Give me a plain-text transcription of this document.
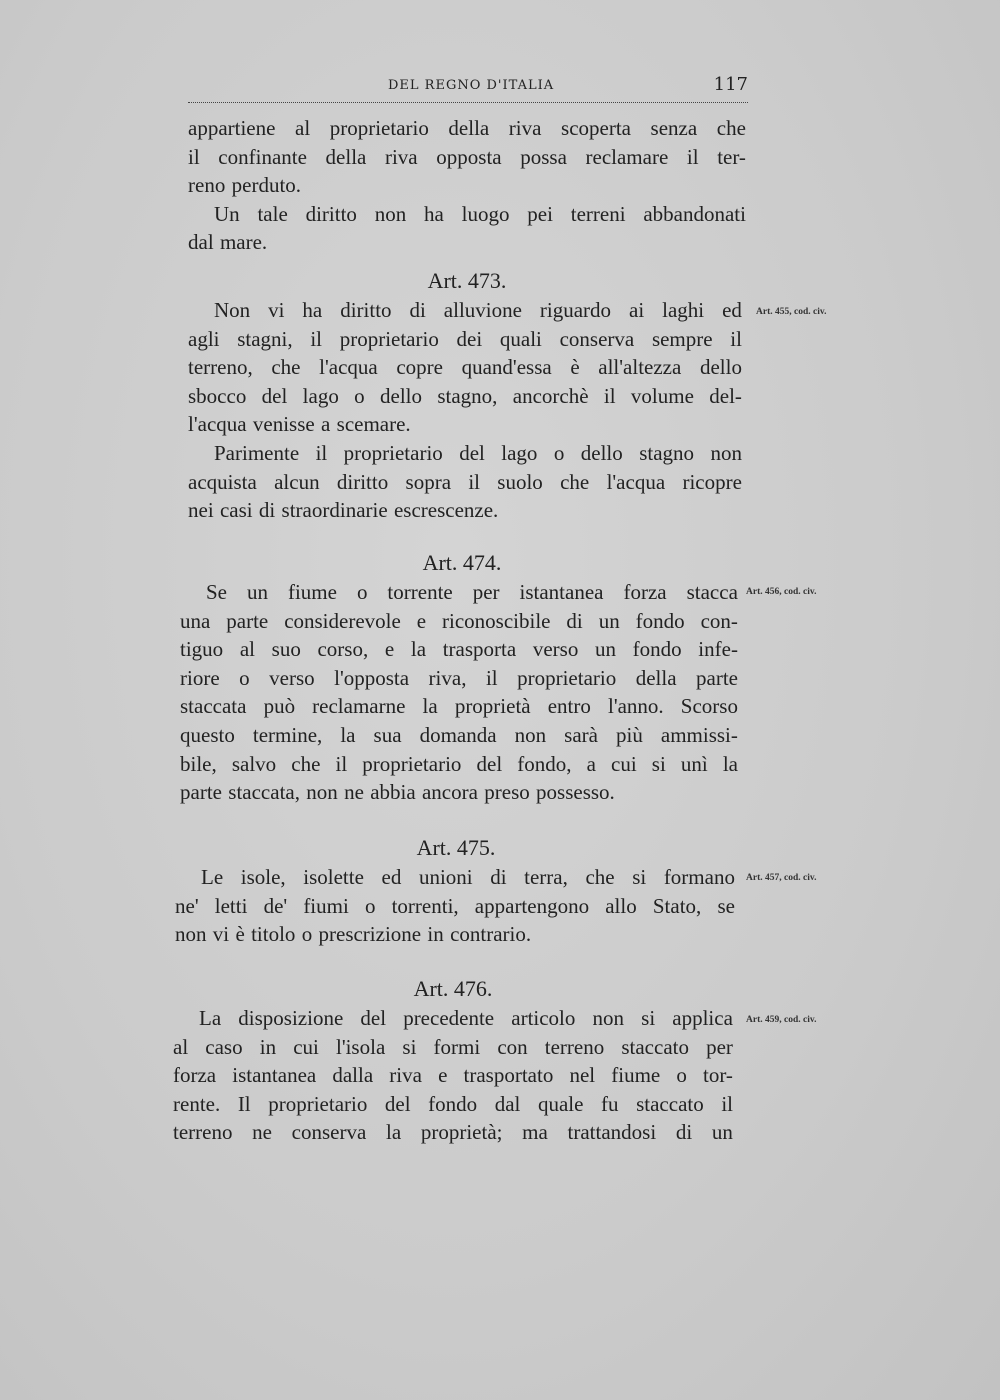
DEL REGNO D'ITALIA	117
appartiene al proprietario della riva scoperta senza che
il confinante della riva opposta possa reclamare il ter-
reno perduto.
Un tale diritto non ha luogo pei terreni abbandonati
dal mare.
Art. 473.
Art. 455, cod. civ.
Non vi ha diritto di alluvione riguardo ai laghi ed
agli stagni, il proprietario dei quali conserva sempre il
terreno, che l'acqua copre quand'essa è all'altezza dello
sbocco del lago o dello stagno, ancorchè il volume del-
l'acqua venisse a scemare.
Parimente il proprietario del lago o dello stagno non
acquista alcun diritto sopra il suolo che l'acqua ricopre
nei casi di straordinarie escrescenze.
Art. 474.
Art. 456, cod. civ.
Se un fiume o torrente per istantanea forza stacca
una parte considerevole e riconoscibile di un fondo con-
tiguo al suo corso, e la trasporta verso un fondo infe-
riore o verso l'opposta riva, il proprietario della parte
staccata può reclamarne la proprietà entro l'anno. Scorso
questo termine, la sua domanda non sarà più ammissi-
bile, salvo che il proprietario del fondo, a cui si unì la
parte staccata, non ne abbia ancora preso possesso.
Art. 475.
Art. 457, cod. civ.
Le isole, isolette ed unioni di terra, che si formano
ne' letti de' fiumi o torrenti, appartengono allo Stato, se
non vi è titolo o prescrizione in contrario.
Art. 476.
Art. 459, cod. civ.
La disposizione del precedente articolo non si applica
al caso in cui l'isola si formi con terreno staccato per
forza istantanea dalla riva e trasportato nel fiume o tor-
rente. Il proprietario del fondo dal quale fu staccato il
terreno ne conserva la proprietà; ma trattandosi di un
